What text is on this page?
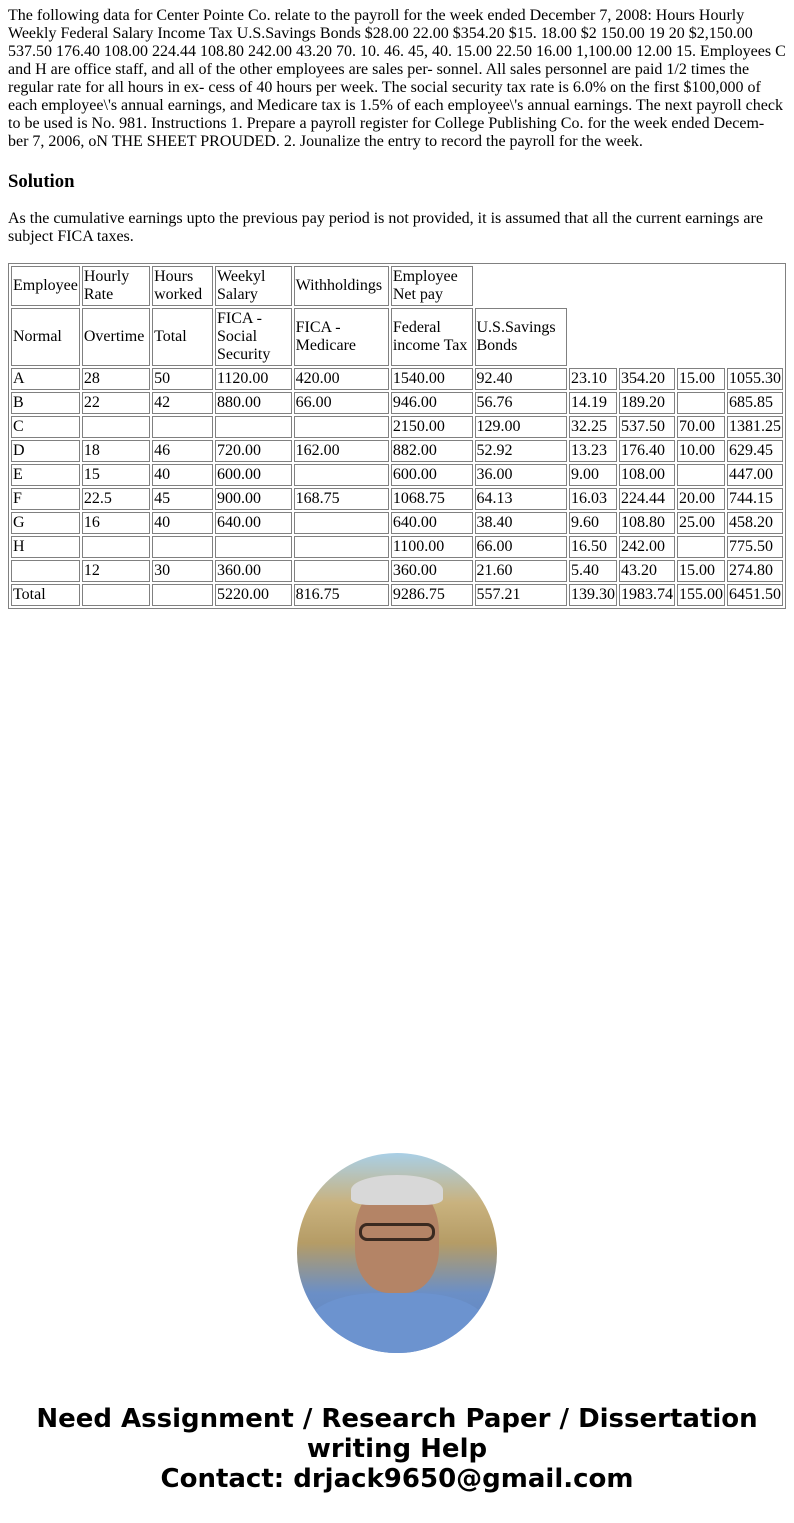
The following data for Center Pointe Co. relate to the payroll for the week ended December 7, 2008: Hours Hourly Weekly Federal Salary Income Tax U.S.Savings Bonds $28.00 22.00 $354.20 $15. 18.00 $2 150.00 19 20 $2,150.00 537.50 176.40 108.00 224.44 108.80 242.00 43.20 70. 10. 46. 45, 40. 15.00 22.50 16.00 1,100.00 12.00 15. Employees C and H are office staff, and all of the other employees are sales per- sonnel. All sales personnel are paid 1/2 times the regular rate for all hours in ex- cess of 40 hours per week. The social security tax rate is 6.0% on the first $100,000 of each employee\'s annual earnings, and Medicare tax is 1.5% of each employee\'s annual earnings. The next payroll check to be used is No. 981. Instructions 1. Prepare a payroll register for College Publishing Co. for the week ended Decem- ber 7, 2006, oN THE SHEET PROUDED. 2. Jounalize the entry to record the payroll for the week.

Solution

As the cumulative earnings upto the previous pay period is not provided, it is assumed that all the current earnings are subject FICA taxes.

Employee	Hourly Rate	Hours worked	Weekyl Salary	Withholdings	Employee Net pay					
Normal	Overtime	Total	FICA - Social Security	FICA - Medicare	Federal income Tax	U.S.Savings Bonds				
A	28	50	1120.00	420.00	1540.00	92.40	23.10	354.20	15.00	1055.30
B	22	42	880.00	66.00	946.00	56.76	14.19	189.20		685.85
C					2150.00	129.00	32.25	537.50	70.00	1381.25
D	18	46	720.00	162.00	882.00	52.92	13.23	176.40	10.00	629.45
E	15	40	600.00		600.00	36.00	9.00	108.00		447.00
F	22.5	45	900.00	168.75	1068.75	64.13	16.03	224.44	20.00	744.15
G	16	40	640.00		640.00	38.40	9.60	108.80	25.00	458.20
H					1100.00	66.00	16.50	242.00		775.50
	12	30	360.00		360.00	21.60	5.40	43.20	15.00	274.80
Total			5220.00	816.75	9286.75	557.21	139.30	1983.74	155.00	6451.50
Need Assignment / Research Paper / Dissertation
writing Help
Contact: drjack9650@gmail.com
